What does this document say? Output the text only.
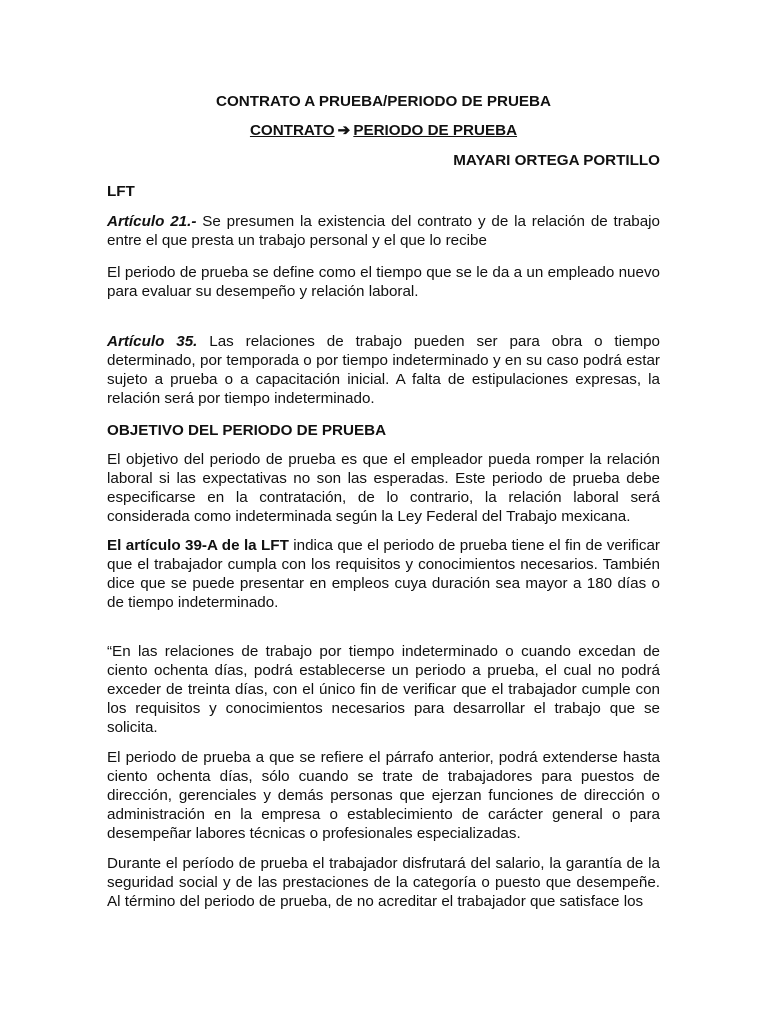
CONTRATO A PRUEBA/PERIODO DE PRUEBA
CONTRATO ➔ PERIODO DE PRUEBA
MAYARI ORTEGA PORTILLO
LFT

Artículo 21.- Se presumen la existencia del contrato y de la relación de trabajo entre el que presta un trabajo personal y el que lo recibe

El periodo de prueba se define como el tiempo que se le da a un empleado nuevo para evaluar su desempeño y relación laboral.

Artículo 35. Las relaciones de trabajo pueden ser para obra o tiempo determinado, por temporada o por tiempo indeterminado y en su caso podrá estar sujeto a prueba o a capacitación inicial. A falta de estipulaciones expresas, la relación será por tiempo indeterminado.

OBJETIVO DEL PERIODO DE PRUEBA

El objetivo del periodo de prueba es que el empleador pueda romper la relación laboral si las expectativas no son las esperadas. Este periodo de prueba debe especificarse en la contratación, de lo contrario, la relación laboral será considerada como indeterminada según la Ley Federal del Trabajo mexicana.

El artículo 39-A de la LFT indica que el periodo de prueba tiene el fin de verificar que el trabajador cumpla con los requisitos y conocimientos necesarios. También dice que se puede presentar en empleos cuya duración sea mayor a 180 días o de tiempo indeterminado.

“En las relaciones de trabajo por tiempo indeterminado o cuando excedan de ciento ochenta días, podrá establecerse un periodo a prueba, el cual no podrá exceder de treinta días, con el único fin de verificar que el trabajador cumple con los requisitos y conocimientos necesarios para desarrollar el trabajo que se solicita.

El periodo de prueba a que se refiere el párrafo anterior, podrá extenderse hasta ciento ochenta días, sólo cuando se trate de trabajadores para puestos de dirección, gerenciales y demás personas que ejerzan funciones de dirección o administración en la empresa o establecimiento de carácter general o para desempeñar labores técnicas o profesionales especializadas.

Durante el período de prueba el trabajador disfrutará del salario, la garantía de la seguridad social y de las prestaciones de la categoría o puesto que desempeñe. Al término del periodo de prueba, de no acreditar el trabajador que satisface los
